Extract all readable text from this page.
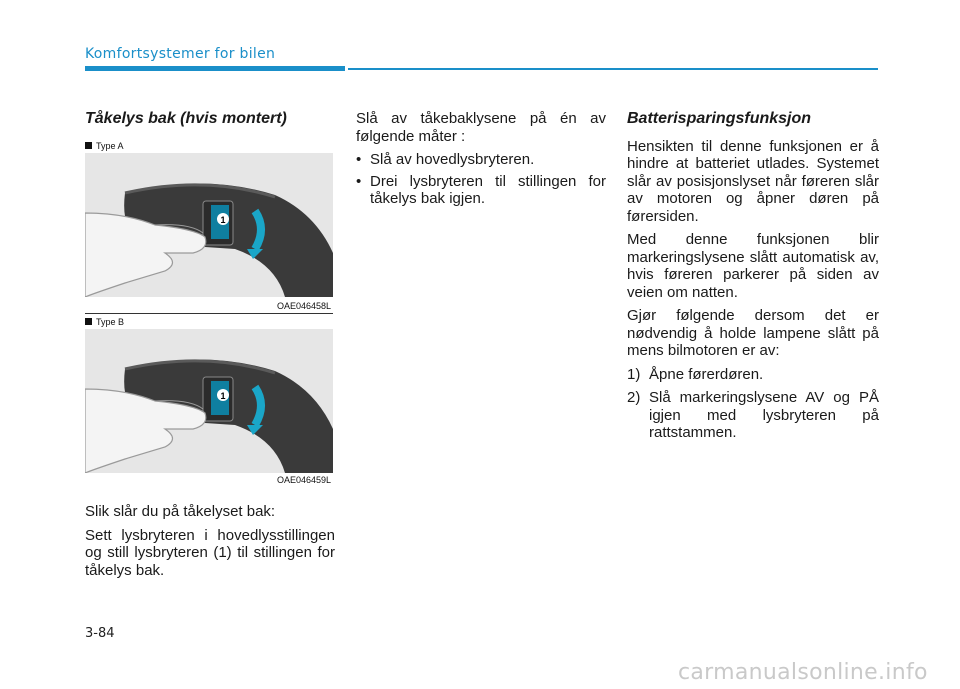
Komfortsystemer for bilen
Tåkelys bak (hvis montert)
Type A
1
OAE046458L
Type B
1
OAE046459L

Slik slår du på tåkelyset bak:

Sett lysbryteren i hovedlysstillingen og still lysbryteren (1) til stillingen for tåkelys bak.

Slå av tåkebaklysene på én av følgende måter :

• Slå av hovedlysbryteren.
• Drei lysbryteren til stillingen for tåkelys bak igjen.
Batterisparingsfunksjon

Hensikten til denne funksjonen er å hindre at batteriet utlades. Systemet slår av posisjonslyset når føreren slår av motoren og åpner døren på førersiden.

Med denne funksjonen blir markeringslysene slått automatisk av, hvis føreren parkerer på siden av veien om natten.

Gjør følgende dersom det er nødvendig å holde lampene slått på mens bilmotoren er av:

1) Åpne førerdøren.
2) Slå markeringslysene AV og PÅ igjen med lysbryteren på rattstammen.
3-84
carmanualsonline.info
